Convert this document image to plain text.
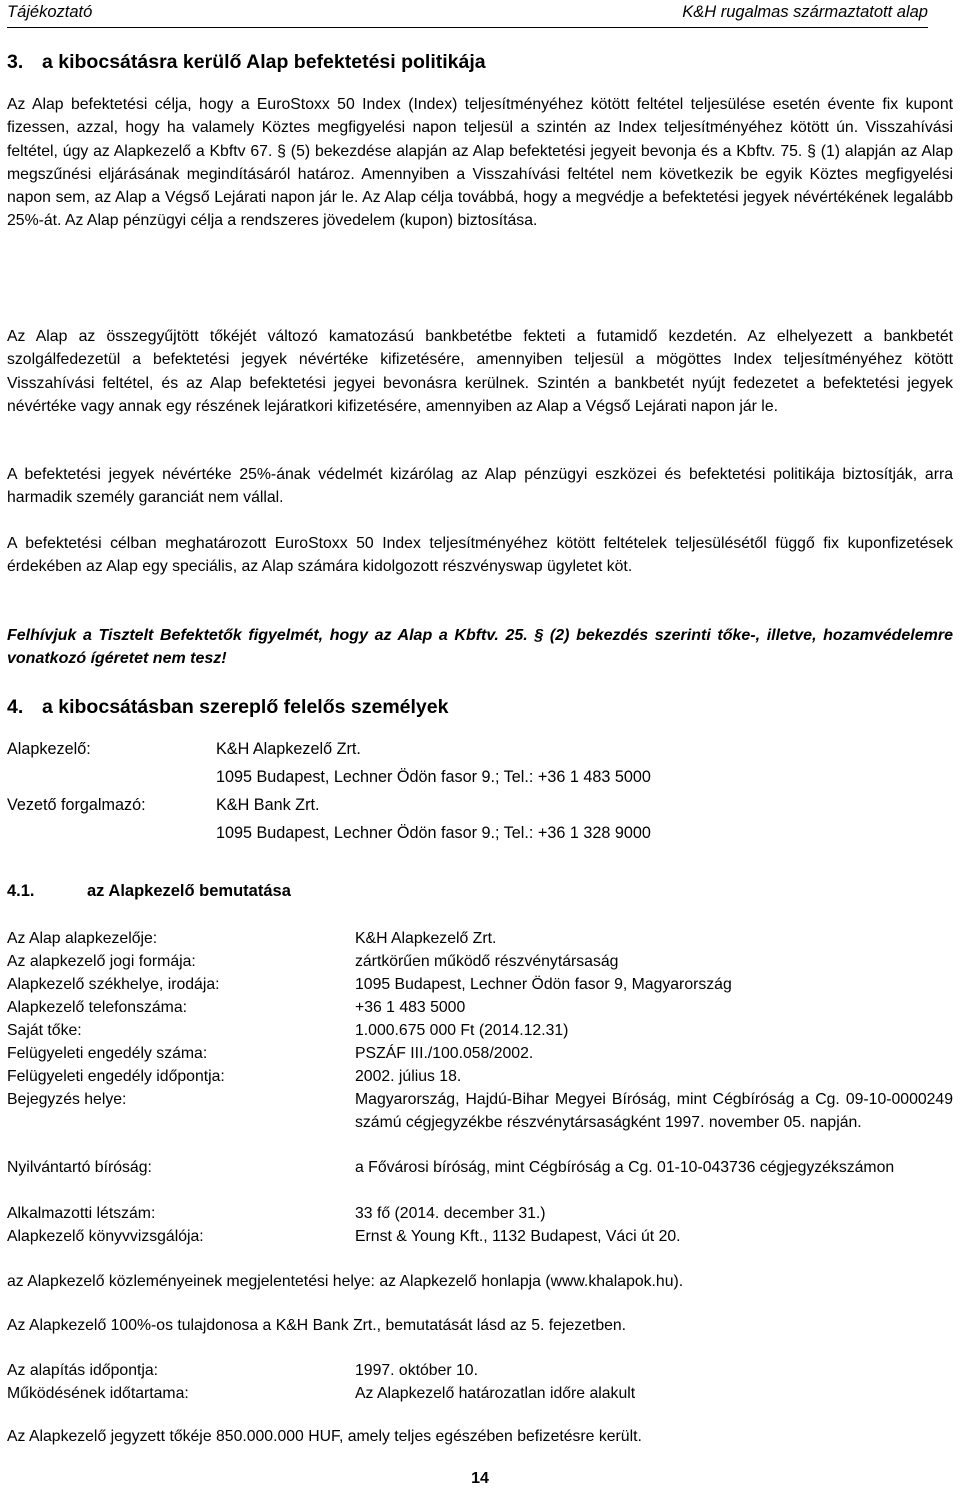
Tájékoztató	K&H rugalmas származtatott alap
3. a kibocsátásra kerülő Alap befektetési politikája

Az Alap befektetési célja, hogy a EuroStoxx 50 Index (Index) teljesítményéhez kötött feltétel teljesülése esetén évente fix kupont fizessen, azzal, hogy ha valamely Köztes megfigyelési napon teljesül a szintén az Index teljesítményéhez kötött ún. Visszahívási feltétel, úgy az Alapkezelő a Kbftv 67. § (5) bekezdése alapján az Alap befektetési jegyeit bevonja és a Kbftv. 75. § (1) alapján az Alap megszűnési eljárásának megindításáról határoz. Amennyiben a Visszahívási feltétel nem következik be egyik Köztes megfigyelési napon sem, az Alap a Végső Lejárati napon jár le. Az Alap célja továbbá, hogy a megvédje a befektetési jegyek névértékének legalább 25%-át. Az Alap pénzügyi célja a rendszeres jövedelem (kupon) biztosítása.

Az Alap az összegyűjtött tőkéjét változó kamatozású bankbetétbe fekteti a futamidő kezdetén. Az elhelyezett a bankbetét szolgálfedezetül a befektetési jegyek névértéke kifizetésére, amennyiben teljesül a mögöttes Index teljesítményéhez kötött Visszahívási feltétel, és az Alap befektetési jegyei bevonásra kerülnek. Szintén a bankbetét nyújt fedezetet a befektetési jegyek névértéke vagy annak egy részének lejáratkori kifizetésére, amennyiben az Alap a Végső Lejárati napon jár le.

A befektetési jegyek névértéke 25%-ának védelmét kizárólag az Alap pénzügyi eszközei és befektetési politikája biztosítják, arra harmadik személy garanciát nem vállal.

A befektetési célban meghatározott EuroStoxx 50 Index teljesítményéhez kötött feltételek teljesülésétől függő fix kuponfizetések érdekében az Alap egy speciális, az Alap számára kidolgozott részvényswap ügyletet köt.

Felhívjuk a Tisztelt Befektetők figyelmét, hogy az Alap a Kbftv. 25. § (2) bekezdés szerinti tőke-, illetve, hozamvédelemre vonatkozó ígéretet nem tesz!

4. a kibocsátásban szereplő felelős személyek
Alapkezelő:	K&H Alapkezelő Zrt.
1095 Budapest, Lechner Ödön fasor 9.; Tel.: +36 1 483 5000
Vezető forgalmazó:	K&H Bank Zrt.
1095 Budapest, Lechner Ödön fasor 9.; Tel.: +36 1 328 9000
4.1.	az Alapkezelő bemutatása
Az Alap alapkezelője:	K&H Alapkezelő Zrt.
Az alapkezelő jogi formája:	zártkörűen működő részvénytársaság
Alapkezelő székhelye, irodája:	1095 Budapest, Lechner Ödön fasor 9, Magyarország
Alapkezelő telefonszáma:	+36 1 483 5000
Saját tőke:	1.000.675 000 Ft (2014.12.31)
Felügyeleti engedély száma:	PSZÁF III./100.058/2002.
Felügyeleti engedély időpontja:	2002. július 18.
Bejegyzés helye:	Magyarország, Hajdú-Bihar Megyei Bíróság, mint Cégbíróság a Cg. 09-10-0000249 számú cégjegyzékbe részvénytársaságként 1997. november 05. napján.
Nyilvántartó bíróság:	a Fővárosi bíróság, mint Cégbíróság a Cg. 01-10-043736 cégjegyzékszámon
Alkalmazotti létszám:	33 fő (2014. december 31.)
Alapkezelő könyvvizsgálója:	Ernst & Young Kft., 1132 Budapest, Váci út 20.
az Alapkezelő közleményeinek megjelentetési helye: az Alapkezelő honlapja (www.khalapok.hu).
Az Alapkezelő 100%-os tulajdonosa a K&H Bank Zrt., bemutatását lásd az 5. fejezetben.
Az alapítás időpontja:	1997. október 10.
Működésének időtartama:	Az Alapkezelő határozatlan időre alakult
Az Alapkezelő jegyzett tőkéje 850.000.000 HUF, amely teljes egészében befizetésre került.
14
